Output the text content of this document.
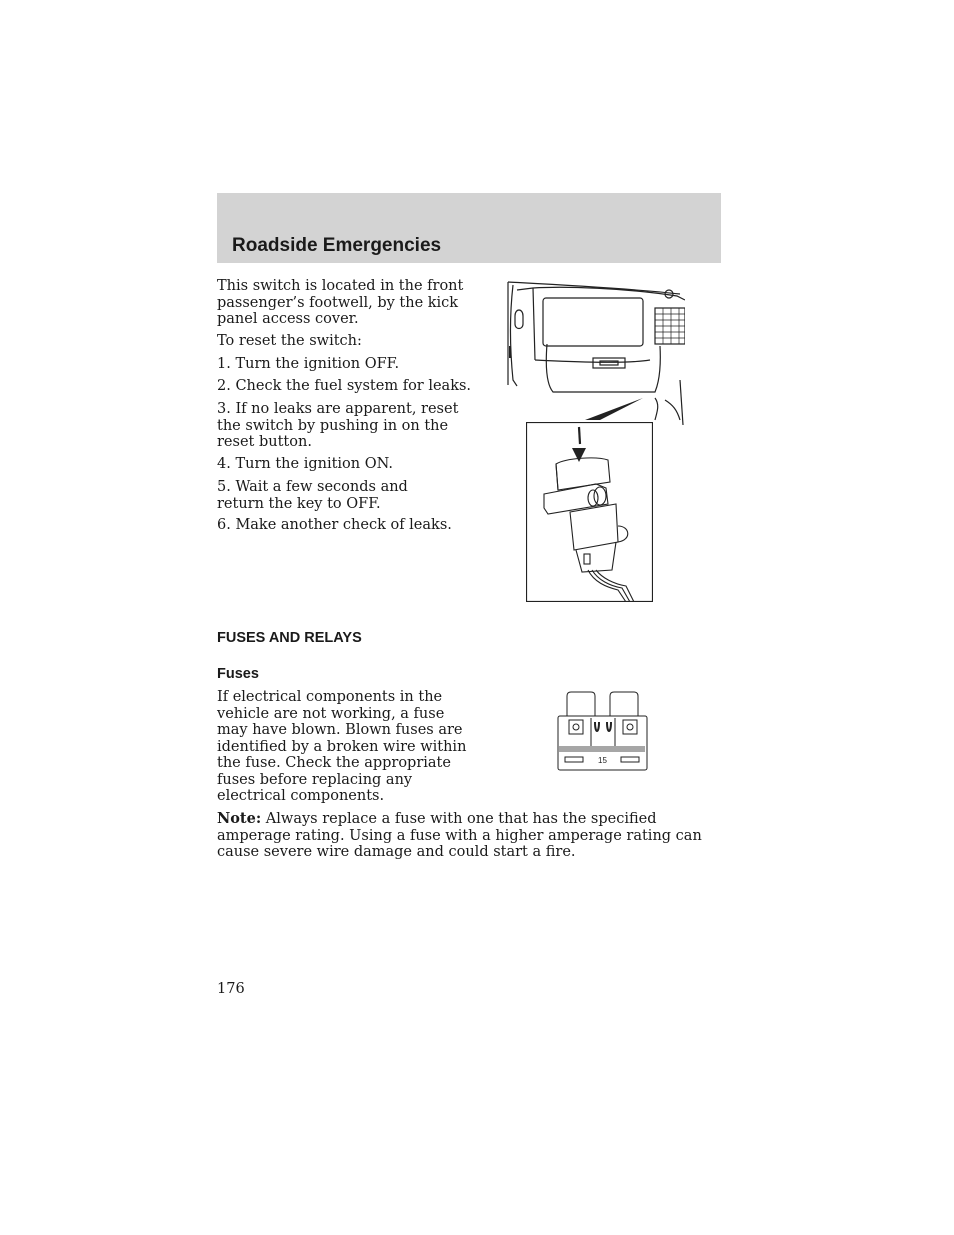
Roadside Emergencies

This switch is located in the front passenger’s footwell, by the kick panel access cover.

To reset the switch:

1. Turn the ignition OFF.

2. Check the fuel system for leaks.

3. If no leaks are apparent, reset the switch by pushing in on the reset button.

4. Turn the ignition ON.

5. Wait a few seconds and return the key to OFF.

6. Make another check of leaks.

FUSES AND RELAYS
Fuses

If electrical components in the vehicle are not working, a fuse may have blown. Blown fuses are identified by a broken wire within the fuse. Check the appropriate fuses before replacing any electrical components.

15

Note: Always replace a fuse with one that has the specified amperage rating. Using a fuse with a higher amperage rating can cause severe wire damage and could start a fire.

176
